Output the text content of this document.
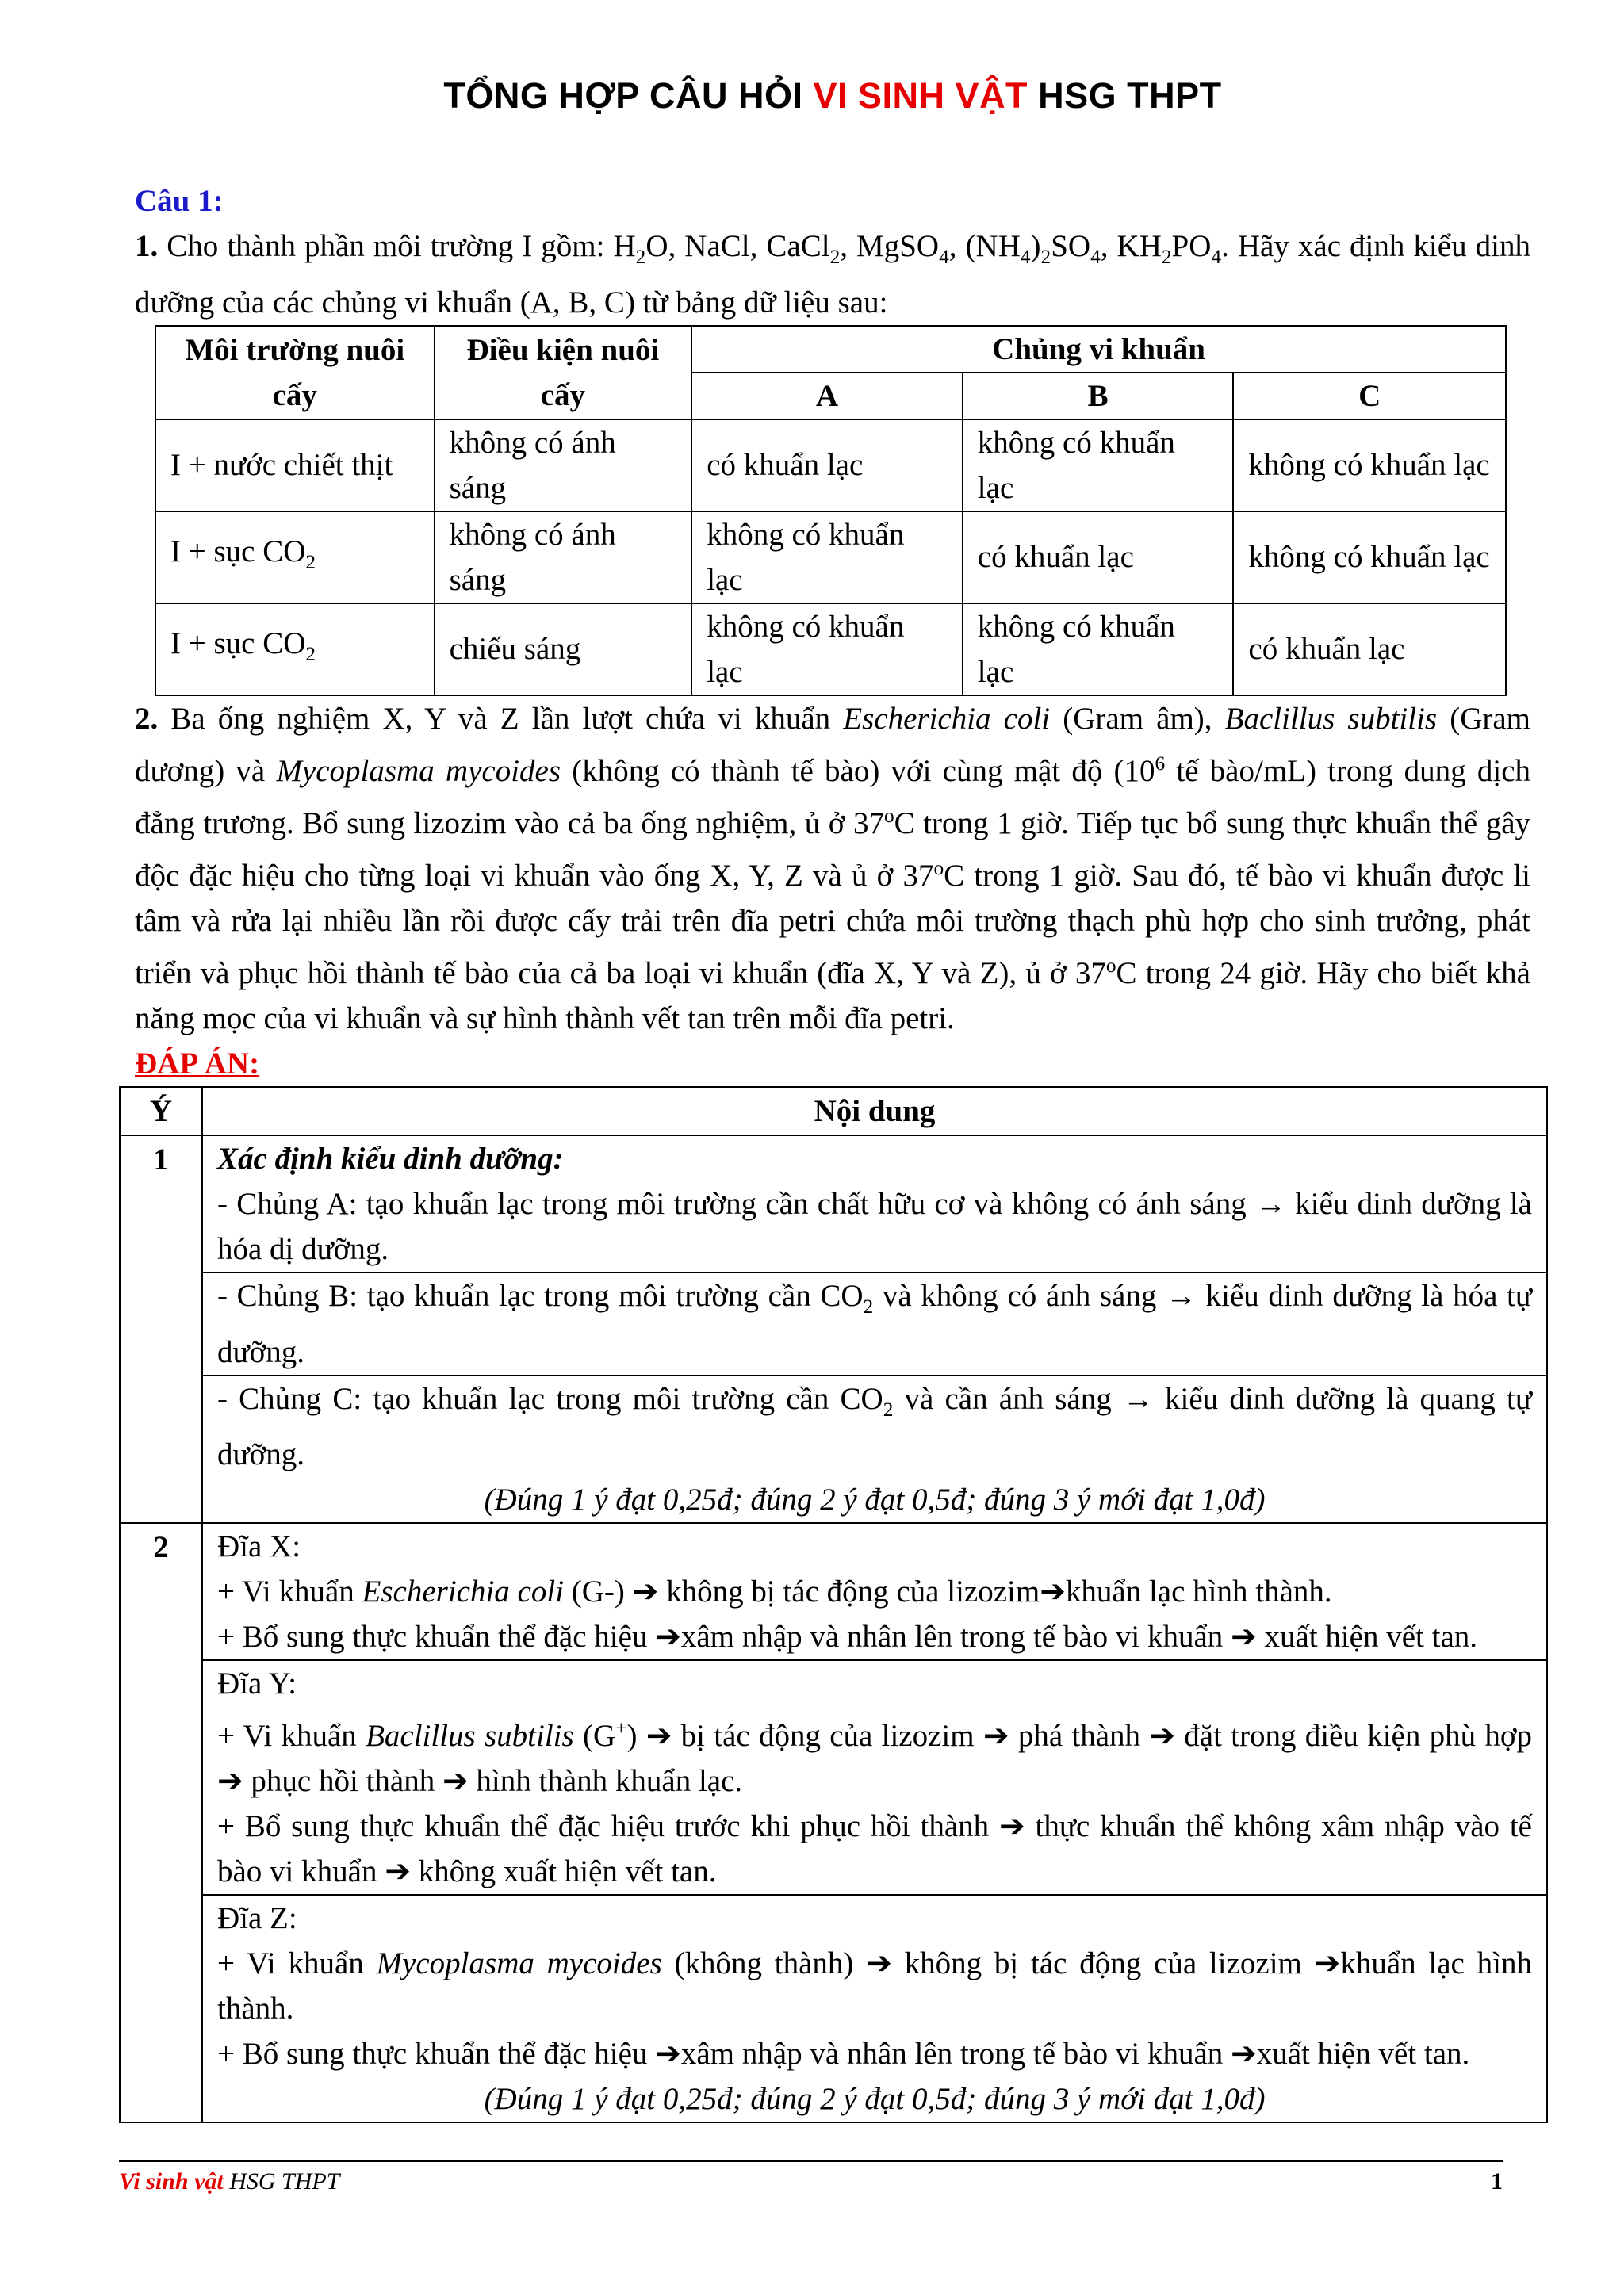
TỔNG HỢP CÂU HỎI VI SINH VẬT HSG THPT

Câu 1:

1. Cho thành phần môi trường I gồm: $H_2O$, NaCl, CaCl$_2$, MgSO$_4$, $(NH_4)_2SO_4$, $KH_2PO_4$. Hãy xác định kiểu dinh dưỡng của các chủng vi khuẩn (A, B, C) từ bảng dữ liệu sau:

Môi trường nuôi cấy	Điều kiện nuôi cấy	Chủng vi khuẩn		
		A	B	C
I + nước chiết thịt	không có ánh sáng	có khuẩn lạc	không có khuẩn lạc	không có khuẩn lạc
I + sục $CO_2$	không có ánh sáng	không có khuẩn lạc	có khuẩn lạc	không có khuẩn lạc
I + sục $CO_2$	chiếu sáng	không có khuẩn lạc	không có khuẩn lạc	có khuẩn lạc

2. Ba ống nghiệm X, Y và Z lần lượt chứa vi khuẩn Escherichia coli (Gram âm), Baclillus subtilis (Gram dương) và Mycoplasma mycoides (không có thành tế bào) với cùng mật độ ($10^6$ tế bào/mL) trong dung dịch đẳng trương. Bổ sung lizozim vào cả ba ống nghiệm, ủ ở 37$^o$C trong 1 giờ. Tiếp tục bổ sung thực khuẩn thể gây độc đặc hiệu cho từng loại vi khuẩn vào ống X, Y, Z và ủ ở 37$^o$C trong 1 giờ. Sau đó, tế bào vi khuẩn được li tâm và rửa lại nhiều lần rồi được cấy trải trên đĩa petri chứa môi trường thạch phù hợp cho sinh trưởng, phát triển và phục hồi thành tế bào của cả ba loại vi khuẩn (đĩa X, Y và Z), ủ ở 37$^o$C trong 24 giờ. Hãy cho biết khả năng mọc của vi khuẩn và sự hình thành vết tan trên mỗi đĩa petri.

ĐÁP ÁN:

Ý	Nội dung
1	Xác định kiểu dinh dưỡng:
- Chủng A: tạo khuẩn lạc trong môi trường cần chất hữu cơ và không có ánh sáng → kiểu dinh dưỡng là hóa dị dưỡng.

	- Chủng B: tạo khuẩn lạc trong môi trường cần $CO_2$ và không có ánh sáng → kiểu dinh dưỡng là hóa tự dưỡng.

	- Chủng C: tạo khuẩn lạc trong môi trường cần $CO_2$ và cần ánh sáng → kiểu dinh dưỡng là quang tự dưỡng.
(Đúng 1 ý đạt 0,25đ; đúng 2 ý đạt 0,5đ; đúng 3 ý mới đạt 1,0đ)

2	Đĩa X:
+ Vi khuẩn Escherichia coli (G-) ➔ không bị tác động của lizozim➔khuẩn lạc hình thành.
+ Bổ sung thực khuẩn thể đặc hiệu ➔xâm nhập và nhân lên trong tế bào vi khuẩn ➔ xuất hiện vết tan.

	Đĩa Y:
+ Vi khuẩn Baclillus subtilis (G+) ➔ bị tác động của lizozim ➔ phá thành ➔ đặt trong điều kiện phù hợp ➔ phục hồi thành ➔ hình thành khuẩn lạc.
+ Bổ sung thực khuẩn thể đặc hiệu trước khi phục hồi thành ➔ thực khuẩn thể không xâm nhập vào tế bào vi khuẩn ➔ không xuất hiện vết tan.

	Đĩa Z:
+ Vi khuẩn Mycoplasma mycoides (không thành) ➔ không bị tác động của lizozim ➔khuẩn lạc hình thành.
+ Bổ sung thực khuẩn thể đặc hiệu ➔xâm nhập và nhân lên trong tế bào vi khuẩn ➔xuất hiện vết tan.
(Đúng 1 ý đạt 0,25đ; đúng 2 ý đạt 0,5đ; đúng 3 ý mới đạt 1,0đ)
Vi sinh vật HSG THPT	1
